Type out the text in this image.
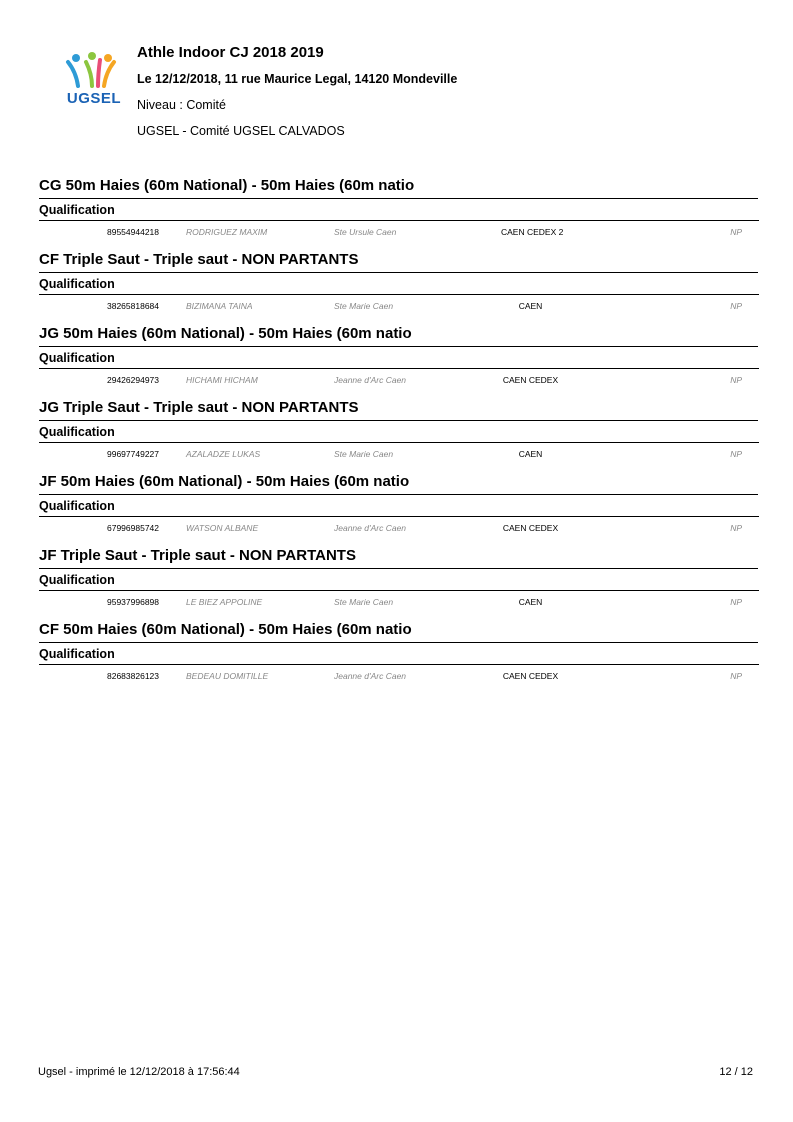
UGSEL
Athle Indoor CJ 2018 2019
Le 12/12/2018, 11 rue Maurice Legal, 14120 Mondeville
Niveau : Comité
UGSEL - Comité UGSEL CALVADOS
CG 50m Haies (60m National) - 50m Haies (60m natio
Qualification
89554944218	RODRIGUEZ MAXIM	Ste Ursule Caen	CAEN CEDEX 2	NP
CF Triple Saut - Triple saut - NON PARTANTS
Qualification
38265818684	BIZIMANA TAINA	Ste Marie Caen	CAEN	NP
JG 50m Haies (60m National) - 50m Haies (60m natio
Qualification
29426294973	HICHAMI HICHAM	Jeanne d'Arc Caen	CAEN CEDEX	NP
JG Triple Saut - Triple saut - NON PARTANTS
Qualification
99697749227	AZALADZE LUKAS	Ste Marie Caen	CAEN	NP
JF 50m Haies (60m National) - 50m Haies (60m natio
Qualification
67996985742	WATSON ALBANE	Jeanne d'Arc Caen	CAEN CEDEX	NP
JF Triple Saut - Triple saut - NON PARTANTS
Qualification
95937996898	LE BIEZ APPOLINE	Ste Marie Caen	CAEN	NP
CF 50m Haies (60m National) - 50m Haies (60m natio
Qualification
82683826123	BEDEAU DOMITILLE	Jeanne d'Arc Caen	CAEN CEDEX	NP
Ugsel - imprimé le 12/12/2018 à 17:56:44	12 / 12
